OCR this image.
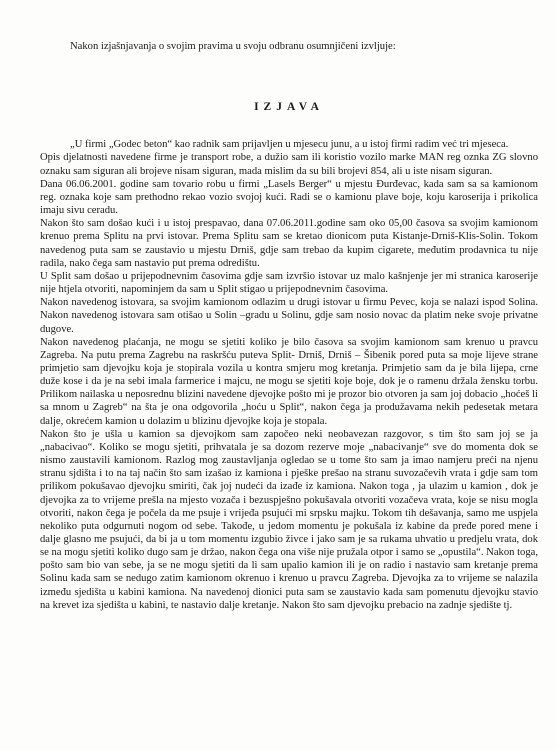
Nakon izjašnjavanja o svojim pravima u svoju odbranu osumnjičeni izvljuje:

IZJAVA

„U firmi „Godec beton“ kao radnik sam prijavljen u mjesecu junu, a u istoj firmi radim već tri mjeseca.

Opis djelatnosti navedene firme je transport robe, a dužio sam ili koristio vozilo marke MAN reg oznka ZG slovno oznaku sam siguran ali brojeve nisam siguran, mada mislim da su bili brojevi 854, ali u iste nisam siguran.

Dana 06.06.2001. godine sam tovario robu u firmi „Lasels Berger“ u mjestu Đurđevac, kada sam sa sa kamionom reg. oznaka koje sam prethodno rekao vozio svojoj kući. Radi se o kamionu plave boje, koju karoserija i prikolica imaju sivu ceradu.

Nakon što sam došao kući i u istoj prespavao, dana 07.06.2011.godine sam oko 05,00 časova sa svojim kamionom krenuo prema Splitu na prvi istovar. Prema Splitu sam se kretao dionicom puta Kistanje-Drniš-Klis-Solin. Tokom navedenog puta sam se zaustavio u mjestu Drniš, gdje sam trebao da kupim cigarete, međutim prodavnica tu nije radila, nako čega sam nastavio put prema odredištu.

U Split sam došao u prijepodnevnim časovima gdje sam izvršio istovar uz malo kašnjenje jer mi stranica karoserije nije htjela otvoriti, napominjem da sam u Split stigao u prijepodnevnim časovima.

Nakon navedenog istovara, sa svojim kamionom odlazim u drugi istovar u firmu Pevec, koja se nalazi ispod Solina. Nakon navedenog istovara sam otišao u Solin –gradu u Solinu, gdje sam nosio novac da platim neke svoje privatne dugove.

Nakon navedenog plaćanja, ne mogu se sjetiti koliko je bilo časova sa svojim kamionom sam krenuo u pravcu Zagreba. Na putu prema Zagrebu na raskršću puteva Split- Drniš, Drniš – Šibenik pored puta sa moje lijeve strane primjetio sam djevojku koja je stopirala vozila u kontra smjeru mog kretanja. Primjetio sam da je bila lijepa, crne duže kose i da je na sebi imala farmerice i majcu, ne mogu se sjetiti koje boje, dok je o ramenu držala žensku torbu. Prilikom nailaska u neposrednu blizini navedene djevojke pošto mi je prozor bio otvoren ja sam joj dobacio „hoćeš li sa mnom u Zagreb“ na šta je ona odgovorila „hoću u Split“, nakon čega ja produžavama nekih pedesetak metara dalje, okrećem kamion u dolazim u blizinu djevojke koja je stopala.

Nakon što je ušla u kamion sa djevojkom sam započeo neki neobavezan razgovor, s tim što sam joj se ja „nabacivao“. Koliko se mogu sjetiti, prihvatala je sa dozom rezerve moje „nabacivanje“ sve do momenta dok se nismo zaustavili kamionom. Razlog mog zaustavljanja ogledao se u tome što sam ja imao namjeru preći na njenu stranu sjdišta i to na taj način što sam izašao iz kamiona i pješke prešao na stranu suvozačevih vrata i gdje sam tom prilikom pokušavao djevojku smiriti, čak joj nudeći da izađe iz kamiona. Nakon toga , ja ulazim u kamion , dok je djevojka za to vrijeme prešla na mjesto vozača i bezuspješno pokušavala otvoriti vozačeva vrata, koje se nisu mogla otvoriti, nakon čega je počela da me psuje i vrijeđa psujući mi srpsku majku. Tokom tih dešavanja, samo me uspjela nekoliko puta odgurnuti nogom od sebe. Takođe, u jedom momentu je pokušala iz kabine da pređe pored mene i dalje glasno me psujući, da bi ja u tom momentu izgubio živce i jako sam je sa rukama uhvatio u predjelu vrata, dok se na mogu sjetiti koliko dugo sam je držao, nakon čega ona više nije pružala otpor i samo se „opustila“. Nakon toga, pošto sam bio van sebe, ja se ne mogu sjetiti da li sam upalio kamion ili je on radio i nastavio sam kretanje prema Solinu kada sam se nedugo zatim kamionom okrenuo i krenuo u pravcu Zagreba. Djevojka za to vrijeme se nalazila između sjedišta u kabini kamiona. Na navedenoj dionici puta sam se zaustavio kada sam pomenutu djevojku stavio na krevet iza sjedišta u kabini, te nastavio dalje kretanje. Nakon što sam djevojku prebacio na zadnje sjedište tj.
